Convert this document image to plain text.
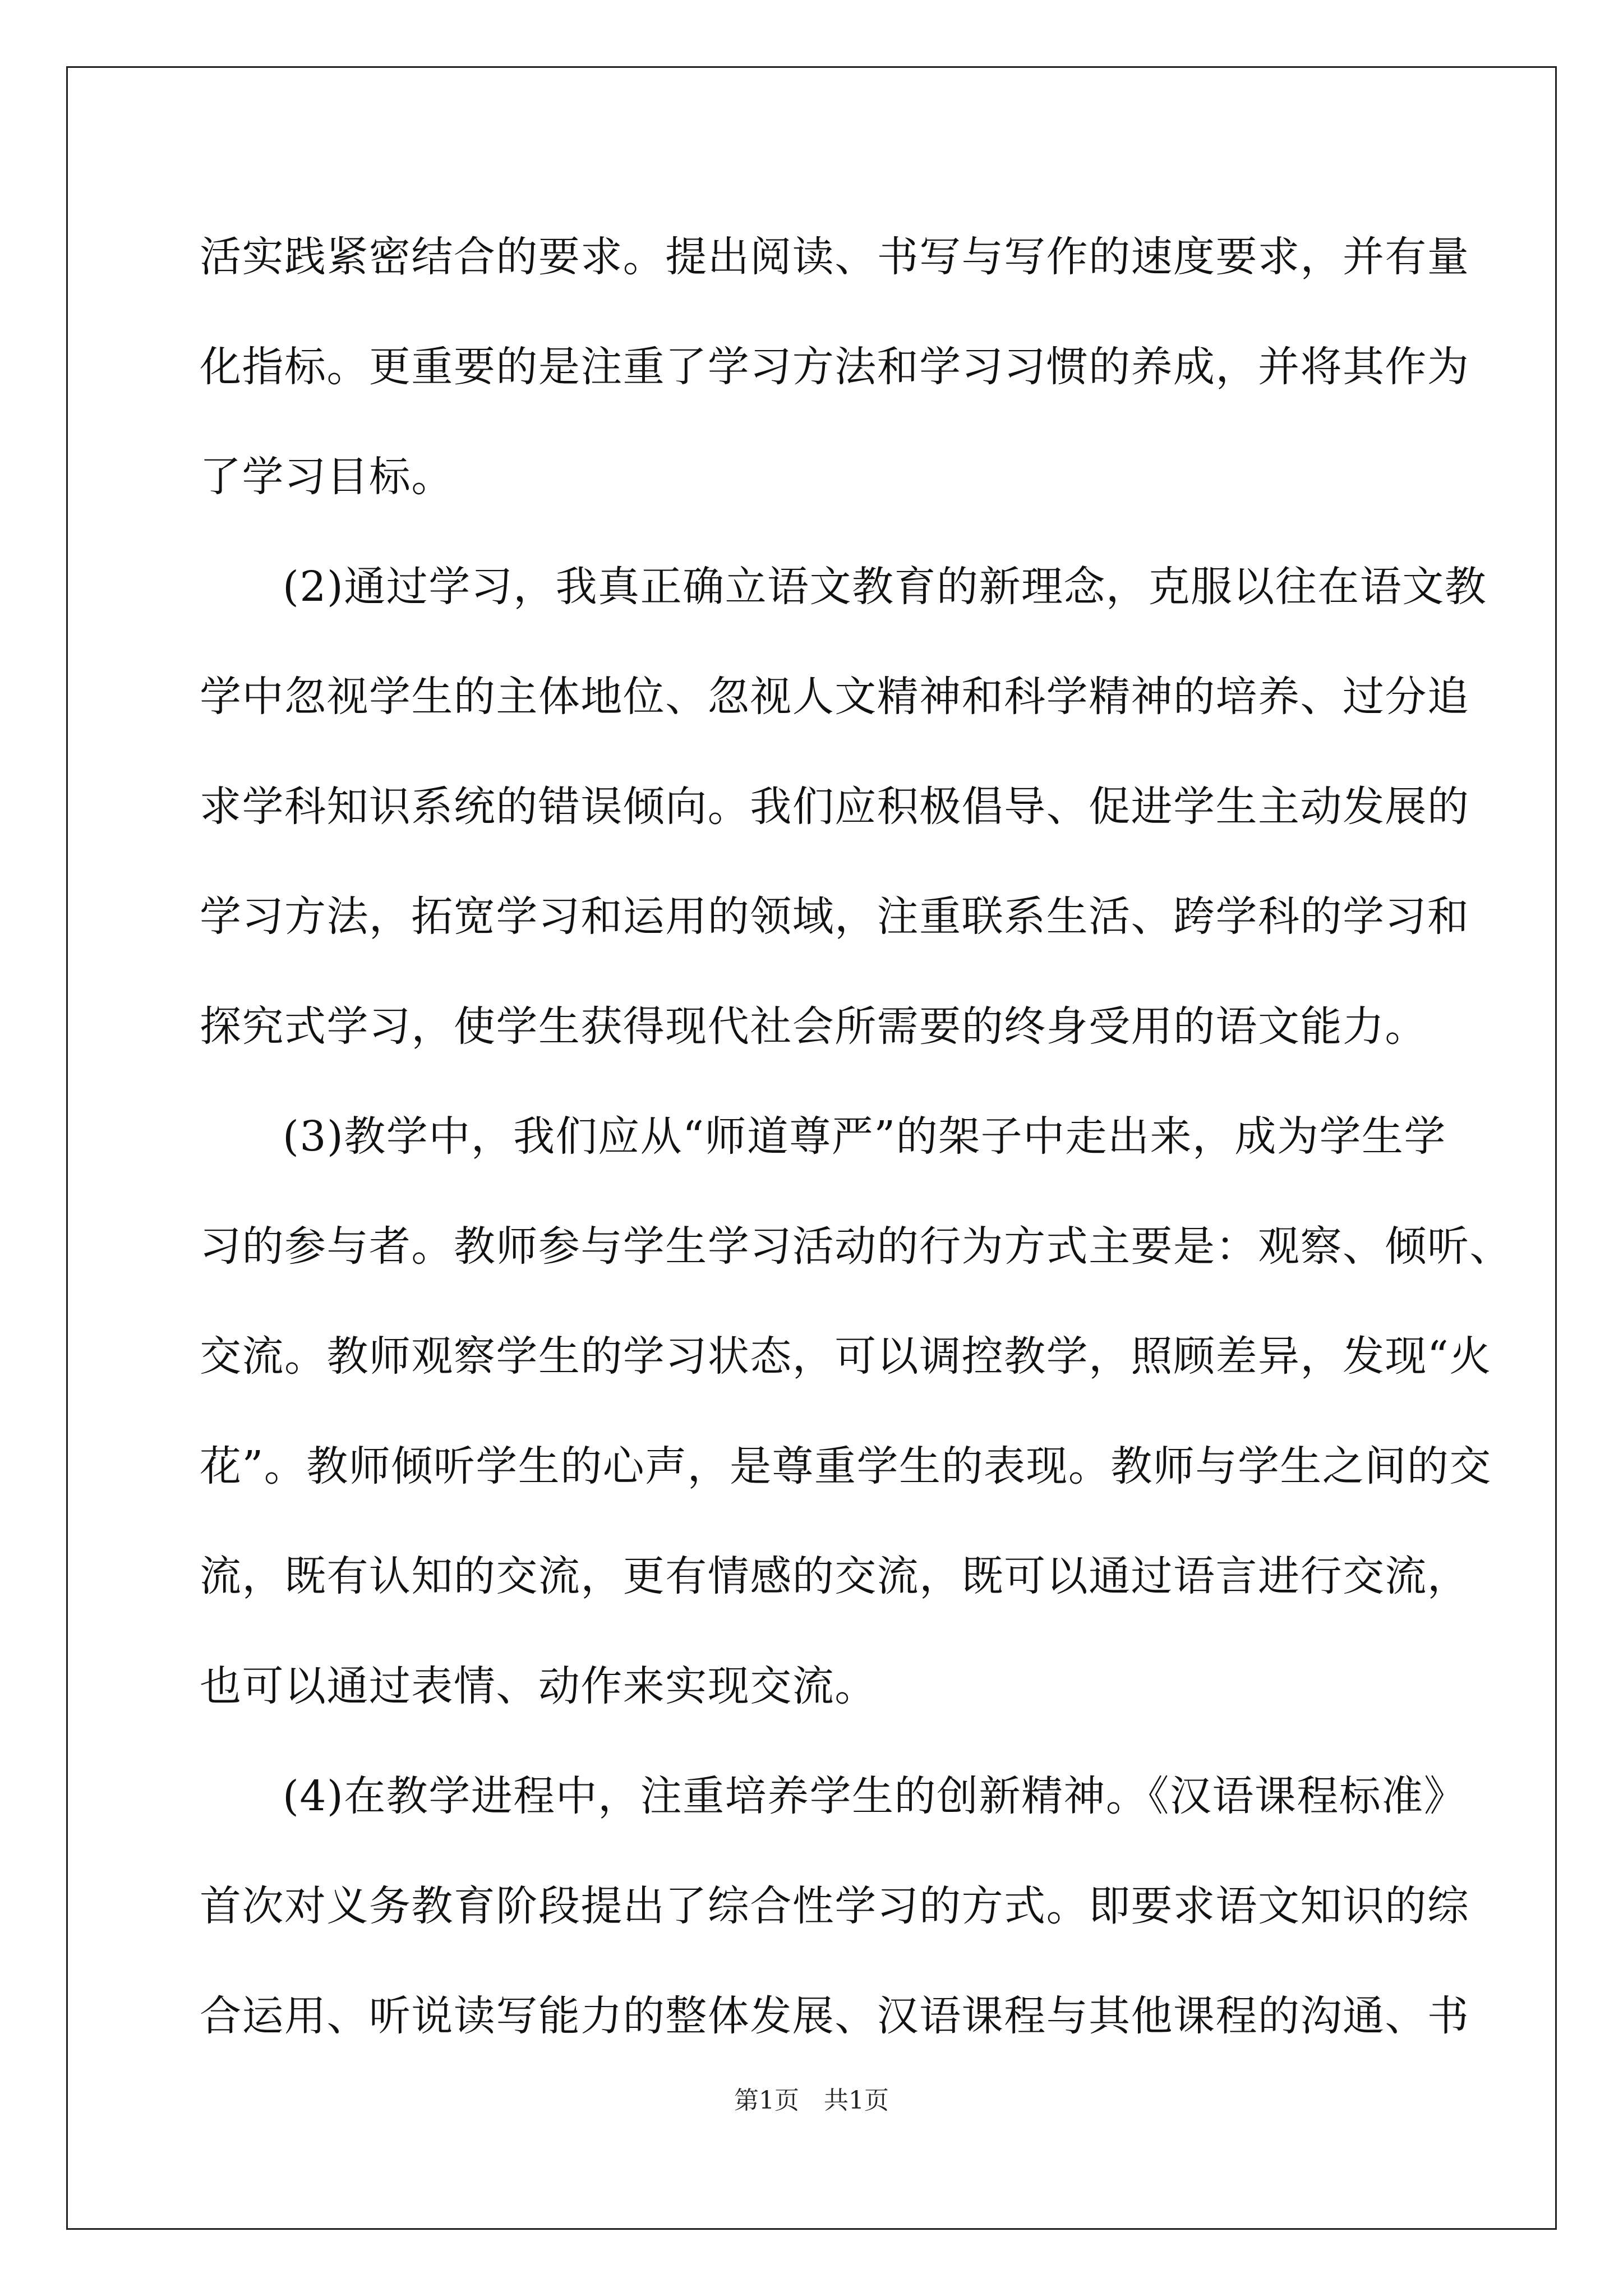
活实践紧密结合的要求。提出阅读、书写与写作的速度要求，并有量
化指标。更重要的是注重了学习方法和学习习惯的养成，并将其作为
了学习目标。
(2)通过学习，我真正确立语文教育的新理念，克服以往在语文教
学中忽视学生的主体地位、忽视人文精神和科学精神的培养、过分追
求学科知识系统的错误倾向。我们应积极倡导、促进学生主动发展的
学习方法，拓宽学习和运用的领域，注重联系生活、跨学科的学习和
探究式学习，使学生获得现代社会所需要的终身受用的语文能力。
(3)教学中，我们应从“师道尊严”的架子中走出来，成为学生学
习的参与者。教师参与学生学习活动的行为方式主要是：观察、倾听、
交流。教师观察学生的学习状态，可以调控教学，照顾差异，发现“火
花”。教师倾听学生的心声，是尊重学生的表现。教师与学生之间的交
流，既有认知的交流，更有情感的交流，既可以通过语言进行交流，
也可以通过表情、动作来实现交流。
(4)在教学进程中，注重培养学生的创新精神。《汉语课程标准》
首次对义务教育阶段提出了综合性学习的方式。即要求语文知识的综
合运用、听说读写能力的整体发展、汉语课程与其他课程的沟通、书
第1页　共1页
